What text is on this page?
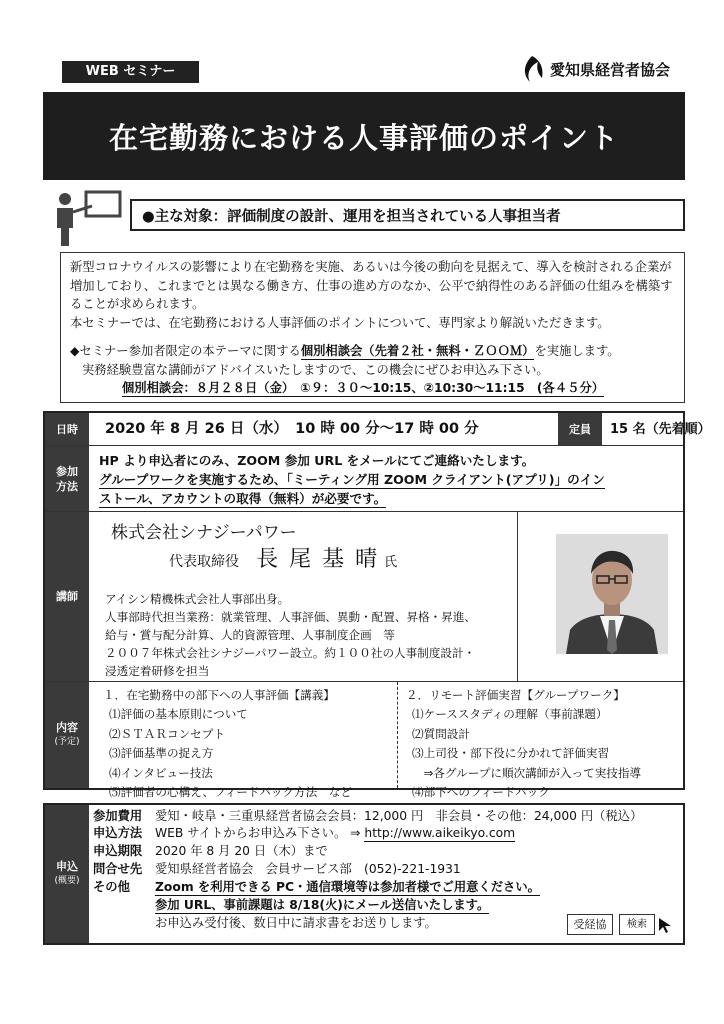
WEB セミナー	愛知県経営者協会
在宅勤務における人事評価のポイント
●主な対象：評価制度の設計、運用を担当されている人事担当者

新型コロナウイルスの影響により在宅勤務を実施、あるいは今後の動向を見据えて、導入を検討される企業が増加しており、これまでとは異なる働き方、仕事の進め方のなか、公平で納得性のある評価の仕組みを構築することが求められます。

本セミナーでは、在宅勤務における人事評価のポイントについて、専門家より解説いただきます。

◆セミナー参加者限定の本テーマに関する個別相談会（先着２社・無料・ＺＯＯＭ）を実施します。

実務経験豊富な講師がアドバイスいたしますので、この機会にぜひお申込み下さい。

個別相談会：８月２８日（金）　①９：３０～10:15、②10:30～11:15　(各４５分）

日時	2020 年 8 月 26 日（水）　10 時 00 分～17 時 00 分	定員	15 名（先着順）
参加
方法
HP より申込者にのみ、ZOOM 参加 URL をメールにてご連絡いたします。
グループワークを実施するため、「ミーティング用 ZOOM クライアント(アプリ)」のイン
ストール、アカウントの取得（無料）が必要です。
講師
株式会社シナジーパワー
代表取締役 長 尾 基 晴 氏
アイシン精機株式会社人事部出身。
人事部時代担当業務：就業管理、人事評価、異動・配置、昇格・昇進、
給与・賞与配分計算、人的資源管理、人事制度企画　等
２００７年株式会社シナジーパワー設立。約１００社の人事制度設計・
浸透定着研修を担当
内容
(予定)
１．在宅勤務中の部下への人事評価【講義】
⑴評価の基本原則について
⑵ＳＴＡＲコンセプト
⑶評価基準の捉え方
⑷インタビュー技法
⑸評価者の心構え、フィードバック方法　など
２．リモート評価実習【グループワーク】
⑴ケーススタディの理解（事前課題）
⑵質問設計
⑶上司役・部下役に分かれて評価実習
　⇒各グループに順次講師が入って実技指導
⑷部下へのフィードバック
申込
(概要)
参加費用 愛知・岐阜・三重県経営者協会会員：12,000 円　非会員・その他：24,000 円（税込）
申込方法 WEB サイトからお申込み下さい。 ⇒ http://www.aikeikyo.com
申込期限 2020 年 8 月 20 日（木）まで
問合せ先 愛知県経営者協会　会員サービス部　(052)-221-1931
その他 Zoom を利用できる PC・通信環境等は参加者様でご用意ください。
参加 URL、事前課題は 8/18(火)にメール送信いたします。
お申込み受付後、数日中に請求書をお送りします。	受経協	検索
